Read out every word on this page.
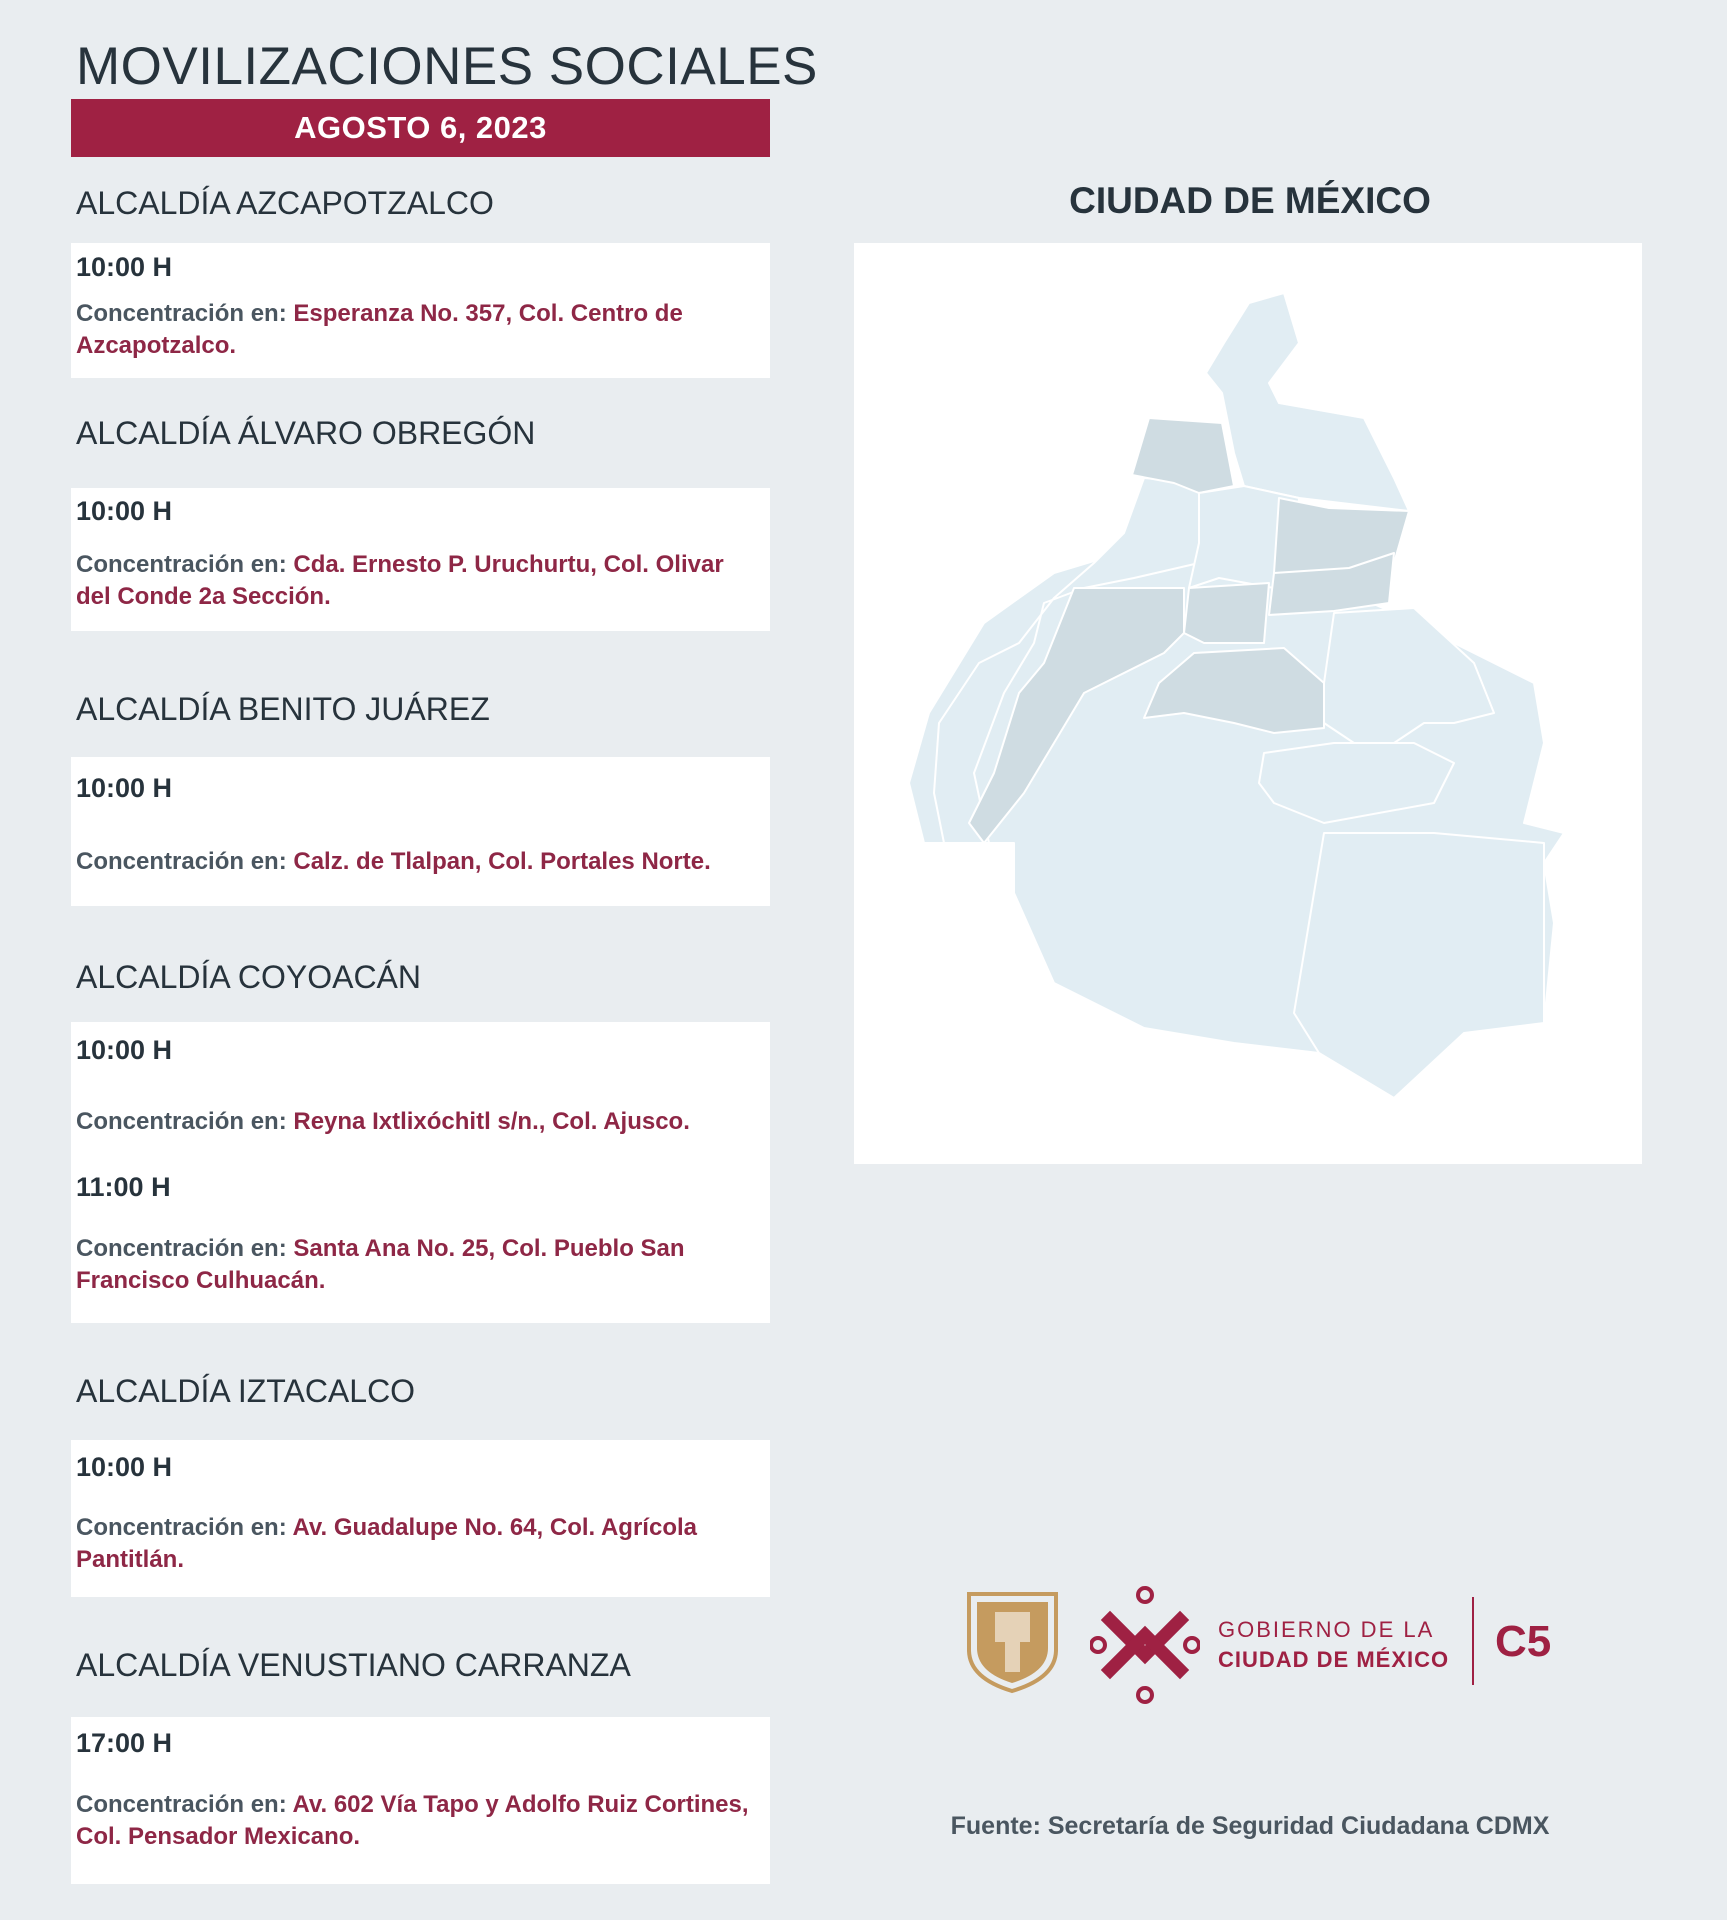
MOVILIZACIONES SOCIALES
AGOSTO 6, 2023
ALCALDÍA AZCAPOTZALCO
10:00 H
Concentración en: Esperanza No. 357, Col. Centro de Azcapotzalco.
ALCALDÍA ÁLVARO OBREGÓN
10:00 H
Concentración en: Cda. Ernesto P. Uruchurtu, Col. Olivar del Conde 2a Sección.
ALCALDÍA BENITO JUÁREZ
10:00 H
Concentración en: Calz. de Tlalpan, Col. Portales Norte.
ALCALDÍA COYOACÁN
10:00 H
Concentración en: Reyna Ixtlixóchitl s/n., Col. Ajusco.
11:00 H
Concentración en: Santa Ana No. 25, Col. Pueblo San Francisco Culhuacán.
ALCALDÍA IZTACALCO
10:00 H
Concentración en: Av. Guadalupe No. 64, Col. Agrícola Pantitlán.
ALCALDÍA VENUSTIANO CARRANZA
17:00 H
Concentración en: Av. 602 Vía Tapo y Adolfo Ruiz Cortines, Col. Pensador Mexicano.
CIUDAD DE MÉXICO
GOBIERNO DE LA
CIUDAD DE MÉXICO C5
Fuente: Secretaría de Seguridad Ciudadana CDMX
